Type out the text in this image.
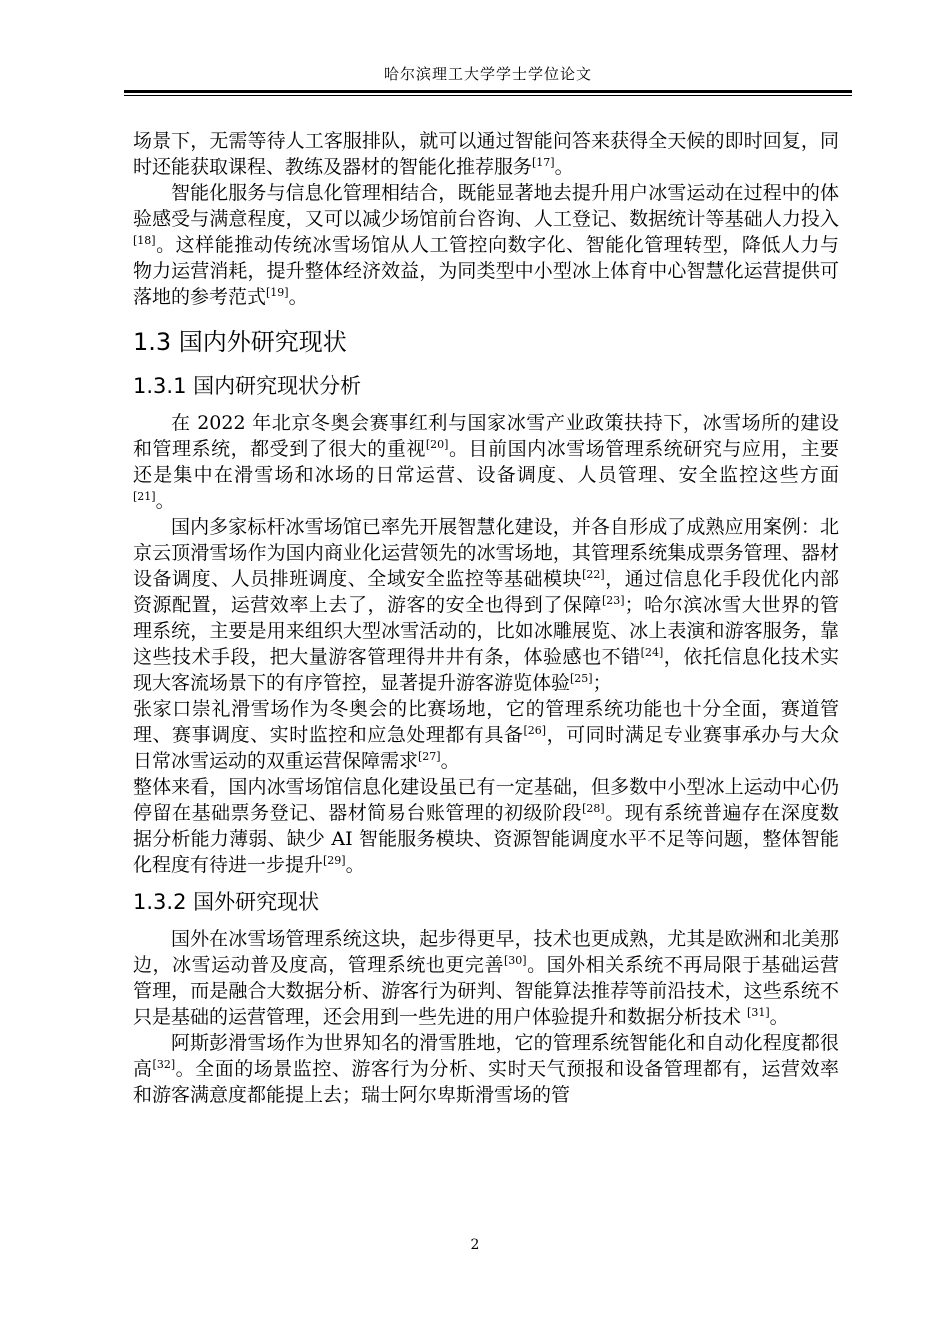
哈尔滨理工大学学士学位论文

场景下，无需等待人工客服排队，就可以通过智能问答来获得全天候的即时回复，同时还能获取课程、教练及器材的智能化推荐服务[17]。

智能化服务与信息化管理相结合，既能显著地去提升用户冰雪运动在过程中的体验感受与满意程度，又可以减少场馆前台咨询、人工登记、数据统计等基础人力投入[18]。这样能推动传统冰雪场馆从人工管控向数字化、智能化管理转型，降低人力与物力运营消耗，提升整体经济效益，为同类型中小型冰上体育中心智慧化运营提供可落地的参考范式[19]。

1.3 国内外研究现状
1.3.1 国内研究现状分析

在 2022 年北京冬奥会赛事红利与国家冰雪产业政策扶持下，冰雪场所的建设和管理系统，都受到了很大的重视[20]。目前国内冰雪场管理系统研究与应用，主要还是集中在滑雪场和冰场的日常运营、设备调度、人员管理、安全监控这些方面 [21]。

国内多家标杆冰雪场馆已率先开展智慧化建设，并各自形成了成熟应用案例：北京云顶滑雪场作为国内商业化运营领先的冰雪场地，其管理系统集成票务管理、器材设备调度、人员排班调度、全域安全监控等基础模块[22]，通过信息化手段优化内部资源配置，运营效率上去了，游客的安全也得到了保障[23]；哈尔滨冰雪大世界的管理系统，主要是用来组织大型冰雪活动的，比如冰雕展览、冰上表演和游客服务，靠这些技术手段，把大量游客管理得井井有条，体验感也不错[24]，依托信息化技术实现大客流场景下的有序管控，显著提升游客游览体验[25]；

张家口崇礼滑雪场作为冬奥会的比赛场地，它的管理系统功能也十分全面，赛道管理、赛事调度、实时监控和应急处理都有具备[26]，可同时满足专业赛事承办与大众日常冰雪运动的双重运营保障需求[27]。

整体来看，国内冰雪场馆信息化建设虽已有一定基础，但多数中小型冰上运动中心仍停留在基础票务登记、器材简易台账管理的初级阶段[28]。现有系统普遍存在深度数据分析能力薄弱、缺少 AI 智能服务模块、资源智能调度水平不足等问题，整体智能化程度有待进一步提升[29]。

1.3.2 国外研究现状

国外在冰雪场管理系统这块，起步得更早，技术也更成熟，尤其是欧洲和北美那边，冰雪运动普及度高，管理系统也更完善[30]。国外相关系统不再局限于基础运营管理，而是融合大数据分析、游客行为研判、智能算法推荐等前沿技术，这些系统不只是基础的运营管理，还会用到一些先进的用户体验提升和数据分析技术 [31]。

阿斯彭滑雪场作为世界知名的滑雪胜地，它的管理系统智能化和自动化程度都很高[32]。全面的场景监控、游客行为分析、实时天气预报和设备管理都有，运营效率和游客满意度都能提上去；瑞士阿尔卑斯滑雪场的管

2
